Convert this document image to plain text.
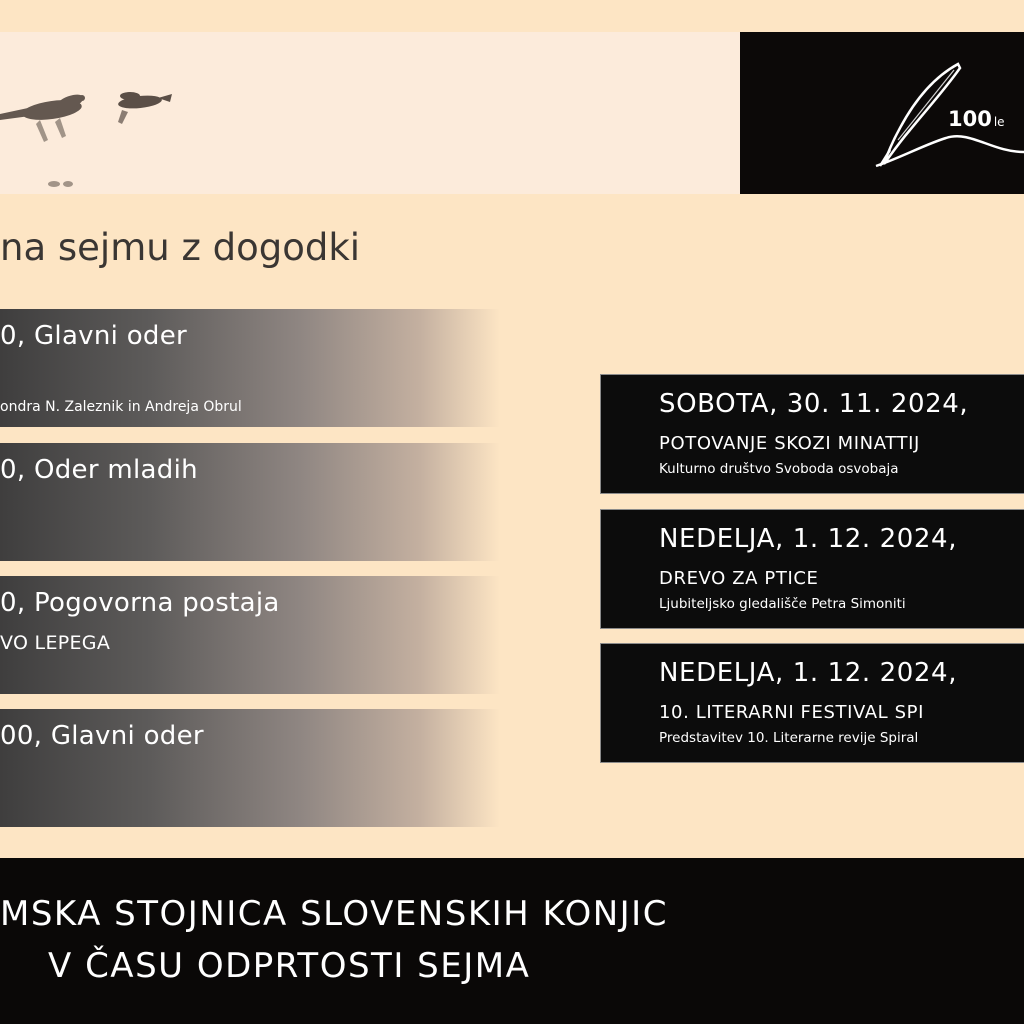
100 le
na sejmu z dogodki
0, Glavni oder
ondra N. Zaleznik in Andreja Obrul
0, Oder mladih
0, Pogovorna postaja
VO LEPEGA
00, Glavni oder
SOBOTA, 30. 11. 2024,
POTOVANJE SKOZI MINATTIJ
Kulturno društvo Svoboda osvobaja
NEDELJA, 1. 12. 2024,
DREVO ZA PTICE
Ljubiteljsko gledališče Petra Simoniti
NEDELJA, 1. 12. 2024,
10. LITERARNI FESTIVAL SPI
Predstavitev 10. Literarne revije Spiral
MSKA STOJNICA SLOVENSKIH KONJIC
V ČASU ODPRTOSTI SEJMA
